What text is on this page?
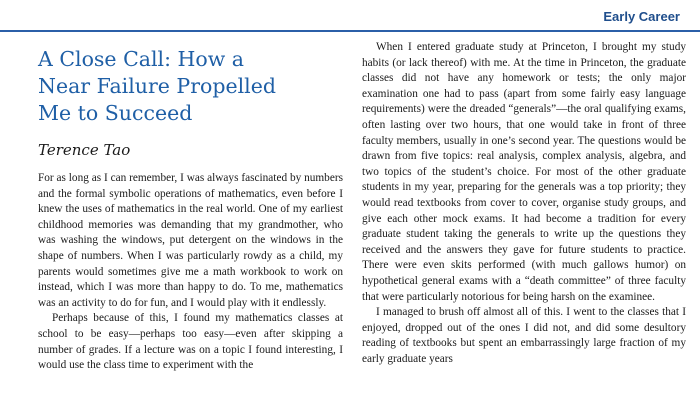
Early Career
A Close Call: How a Near Failure Propelled Me to Succeed
Terence Tao

For as long as I can remember, I was always fascinated by numbers and the formal symbolic operations of mathematics, even before I knew the uses of mathematics in the real world. One of my earliest childhood memories was demanding that my grandmother, who was washing the windows, put detergent on the windows in the shape of numbers. When I was particularly rowdy as a child, my parents would sometimes give me a math workbook to work on instead, which I was more than happy to do. To me, mathematics was an activity to do for fun, and I would play with it endlessly.

Perhaps because of this, I found my mathematics classes at school to be easy—perhaps too easy—even after skipping a number of grades. If a lecture was on a topic I found interesting, I would use the class time to experiment with the

When I entered graduate study at Princeton, I brought my study habits (or lack thereof) with me. At the time in Princeton, the graduate classes did not have any homework or tests; the only major examination one had to pass (apart from some fairly easy language requirements) were the dreaded “generals”—the oral qualifying exams, often lasting over two hours, that one would take in front of three faculty members, usually in one’s second year. The questions would be drawn from five topics: real analysis, complex analysis, algebra, and two topics of the student’s choice. For most of the other graduate students in my year, preparing for the generals was a top priority; they would read textbooks from cover to cover, organise study groups, and give each other mock exams. It had become a tradition for every graduate student taking the generals to write up the questions they received and the answers they gave for future students to practice. There were even skits performed (with much gallows humor) on hypothetical general exams with a “death committee” of three faculty that were particularly notorious for being harsh on the examinee.

I managed to brush off almost all of this. I went to the classes that I enjoyed, dropped out of the ones I did not, and did some desultory reading of textbooks but spent an embarrassingly large fraction of my early graduate years
